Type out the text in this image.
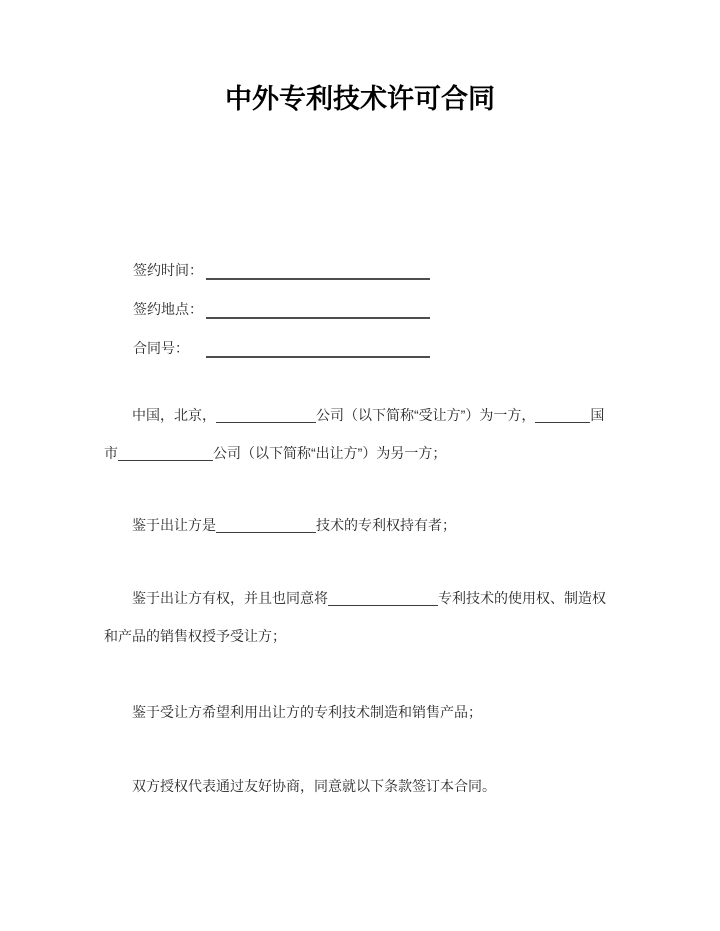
中外专利技术许可合同
签约时间：
签约地点：
合同号：

中国，北京，	公司（以下简称“受让方”）为一方，	国
市	公司（以下简称“出让方”）为另一方；

鉴于出让方是	技术的专利权持有者；

鉴于出让方有权，并且也同意将	专利技术的使用权、制造权
和产品的销售权授予受让方；

鉴于受让方希望利用出让方的专利技术制造和销售产品；

双方授权代表通过友好协商，同意就以下条款签订本合同。
